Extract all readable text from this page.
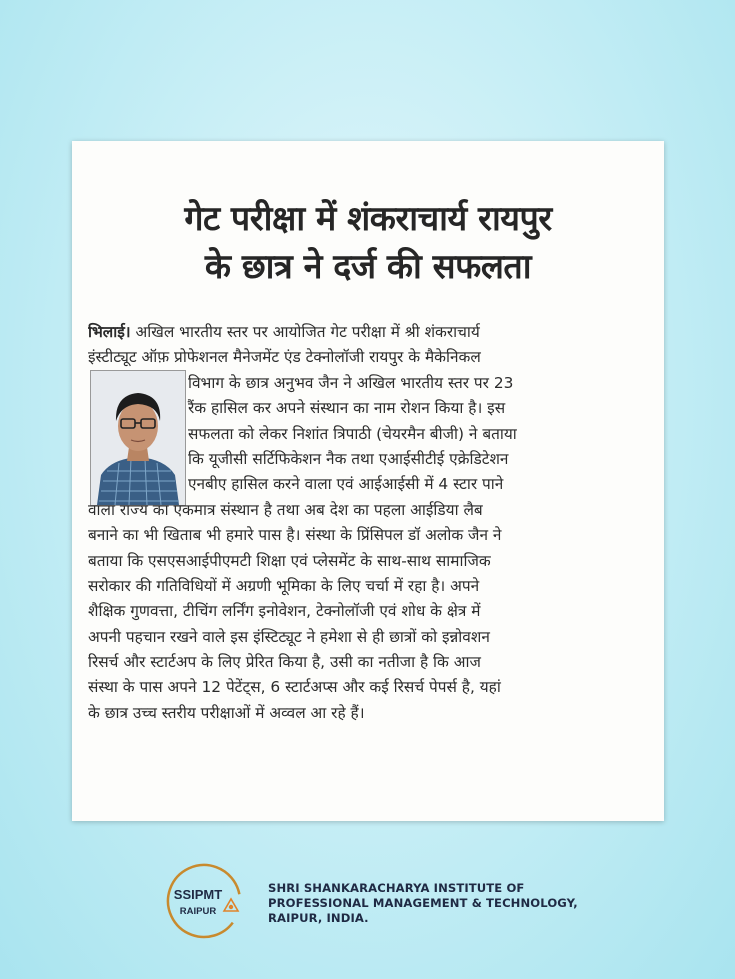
गेट परीक्षा में शंकराचार्य रायपुर
के छात्र ने दर्ज की सफलता
भिलाई। अखिल भारतीय स्तर पर आयोजित गेट परीक्षा में श्री शंकराचार्य
इंस्टीट्यूट ऑफ़ प्रोफेशनल मैनेजमेंट एंड टेक्नोलॉजी रायपुर के मैकेनिकल
विभाग के छात्र अनुभव जैन ने अखिल भारतीय स्तर पर 23
रैंक हासिल कर अपने संस्थान का नाम रोशन किया है। इस
सफलता को लेकर निशांत त्रिपाठी (चेयरमैन बीजी) ने बताया
कि यूजीसी सर्टिफिकेशन नैक तथा एआईसीटीई एक्रेडिटेशन
एनबीए हासिल करने वाला एवं आईआईसी में 4 स्टार पाने
वाला राज्य का एकमात्र संस्थान है तथा अब देश का पहला आईडिया लैब
बनाने का भी खिताब भी हमारे पास है। संस्था के प्रिंसिपल डॉ अलोक जैन ने
बताया कि एसएसआईपीएमटी शिक्षा एवं प्लेसमेंट के साथ-साथ सामाजिक
सरोकार की गतिविधियों में अग्रणी भूमिका के लिए चर्चा में रहा है। अपने
शैक्षिक गुणवत्ता, टीचिंग लर्निंग इनोवेशन, टेक्नोलॉजी एवं शोध के क्षेत्र में
अपनी पहचान रखने वाले इस इंस्टिट्यूट ने हमेशा से ही छात्रों को इन्नोवशन
रिसर्च और स्टार्टअप के लिए प्रेरित किया है, उसी का नतीजा है कि आज
संस्था के पास अपने 12 पेटेंट्स, 6 स्टार्टअप्स और कई रिसर्च पेपर्स है, यहां
के छात्र उच्च स्तरीय परीक्षाओं में अव्वल आ रहे हैं।
SSIPMT
RAIPUR
SHRI SHANKARACHARYA INSTITUTE OF
PROFESSIONAL MANAGEMENT & TECHNOLOGY,
RAIPUR, INDIA.
